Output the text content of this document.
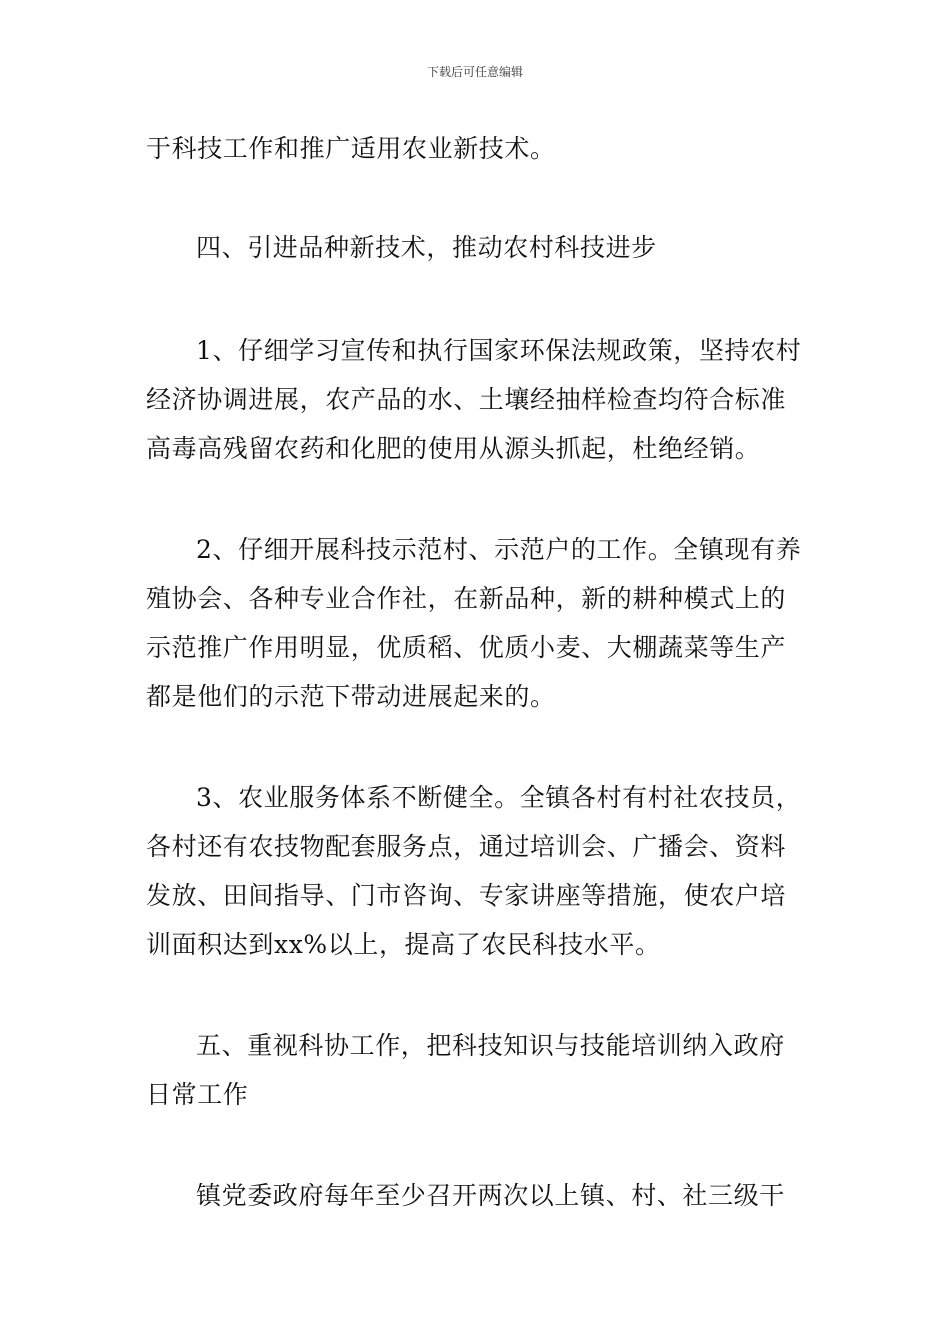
下载后可任意编辑
于科技工作和推广适用农业新技术。
四、引进品种新技术，推动农村科技进步
1、仔细学习宣传和执行国家环保法规政策，坚持农村
经济协调进展，农产品的水、土壤经抽样检查均符合标准
高毒高残留农药和化肥的使用从源头抓起，杜绝经销。
2、仔细开展科技示范村、示范户的工作。全镇现有养
殖协会、各种专业合作社，在新品种，新的耕种模式上的
示范推广作用明显，优质稻、优质小麦、大棚蔬菜等生产
都是他们的示范下带动进展起来的。
3、农业服务体系不断健全。全镇各村有村社农技员，
各村还有农技物配套服务点，通过培训会、广播会、资料
发放、田间指导、门市咨询、专家讲座等措施，使农户培
训面积达到xx%以上，提高了农民科技水平。
五、重视科协工作，把科技知识与技能培训纳入政府
日常工作
镇党委政府每年至少召开两次以上镇、村、社三级干
